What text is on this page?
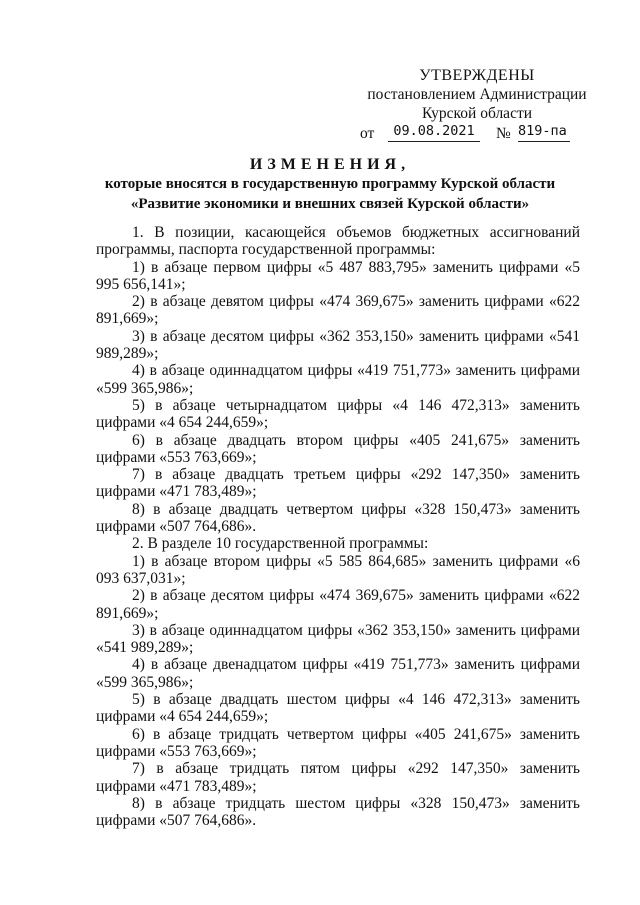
УТВЕРЖДЕНЫ
постановлением Администрации
Курской области
от	09.08.2021	№ 819-па
ИЗМЕНЕНИЯ,
которые вносятся в государственную программу Курской области
«Развитие экономики и внешних связей Курской области»

1. В позиции, касающейся объемов бюджетных ассигнований программы, паспорта государственной программы:

1) в абзаце первом цифры «5 487 883,795» заменить цифрами «5 995 656,141»;

2) в абзаце девятом цифры «474 369,675» заменить цифрами «622 891,669»;

3) в абзаце десятом цифры «362 353,150» заменить цифрами «541 989,289»;

4) в абзаце одиннадцатом цифры «419 751,773» заменить цифрами «599 365,986»;

5) в абзаце четырнадцатом цифры «4 146 472,313» заменить цифрами «4 654 244,659»;

6) в абзаце двадцать втором цифры «405 241,675» заменить цифрами «553 763,669»;

7) в абзаце двадцать третьем цифры «292 147,350» заменить цифрами «471 783,489»;

8) в абзаце двадцать четвертом цифры «328 150,473» заменить цифрами «507 764,686».

2. В разделе 10 государственной программы:

1) в абзаце втором цифры «5 585 864,685» заменить цифрами «6 093 637,031»;

2) в абзаце десятом цифры «474 369,675» заменить цифрами «622 891,669»;

3) в абзаце одиннадцатом цифры «362 353,150» заменить цифрами «541 989,289»;

4) в абзаце двенадцатом цифры «419 751,773» заменить цифрами «599 365,986»;

5) в абзаце двадцать шестом цифры «4 146 472,313» заменить цифрами «4 654 244,659»;

6) в абзаце тридцать четвертом цифры «405 241,675» заменить цифрами «553 763,669»;

7) в абзаце тридцать пятом цифры «292 147,350» заменить цифрами «471 783,489»;

8) в абзаце тридцать шестом цифры «328 150,473» заменить цифрами «507 764,686».
